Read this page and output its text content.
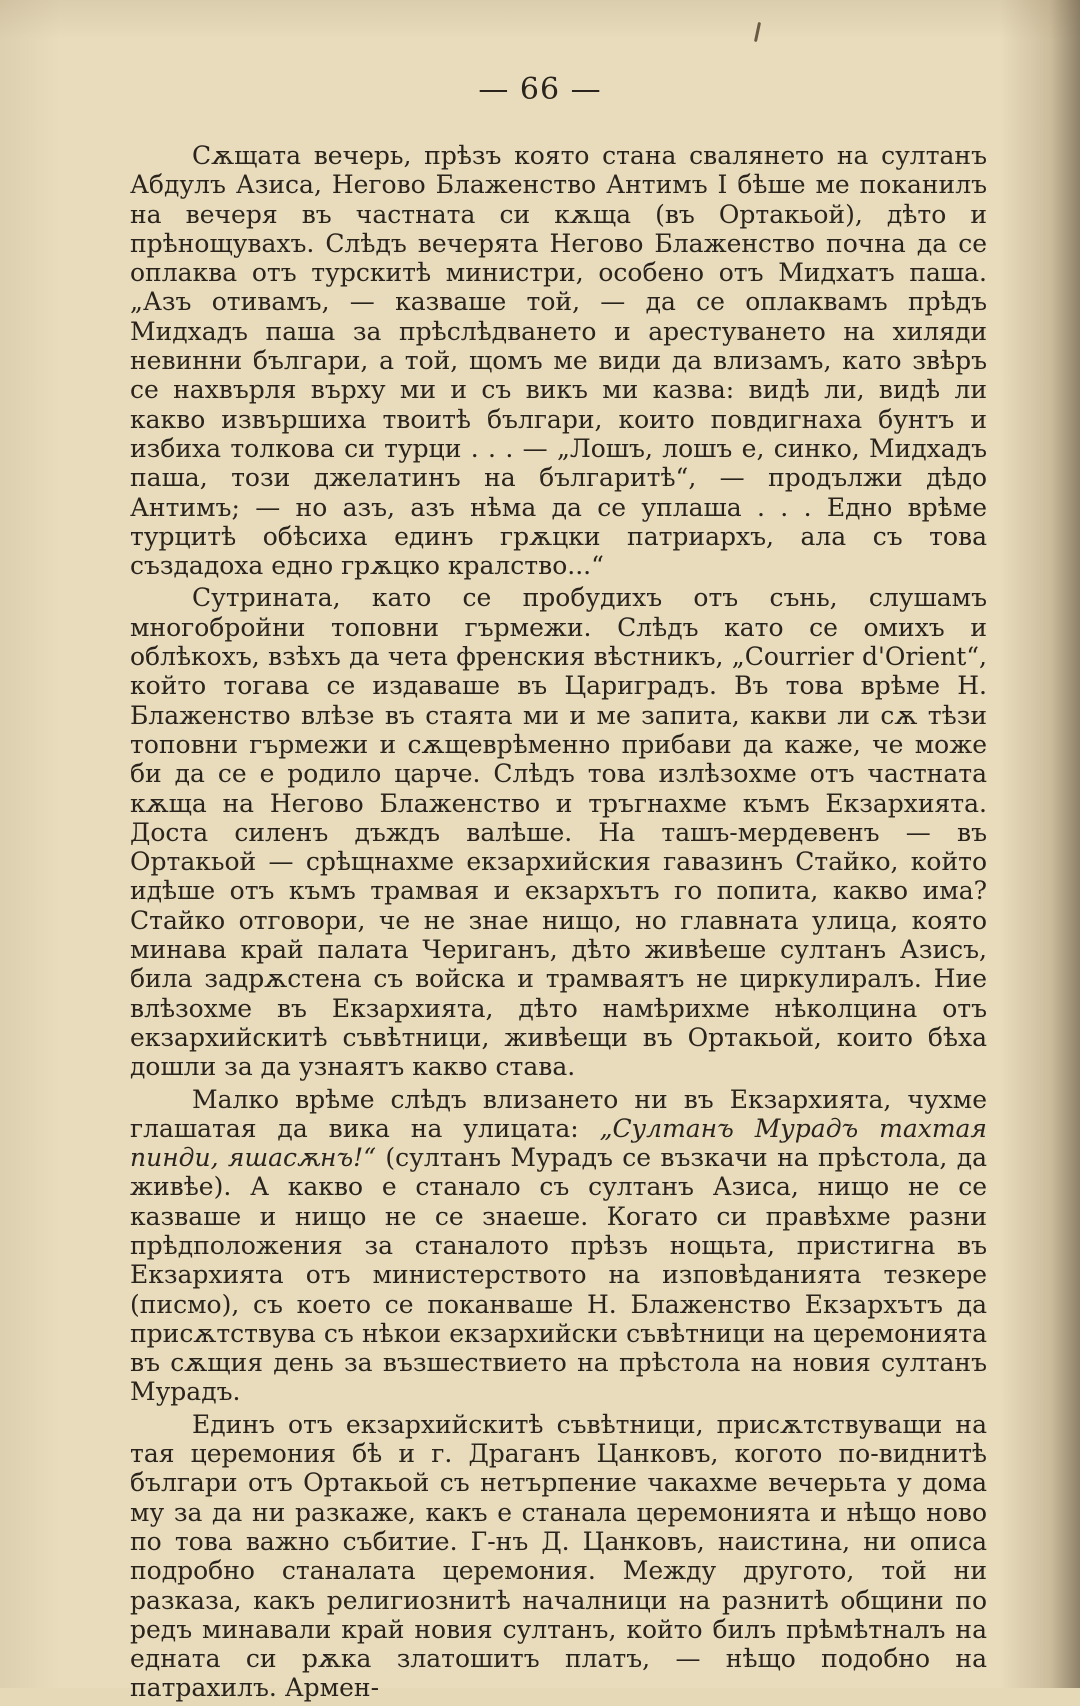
— 66 —

Сѫщата вечерь, прѣзъ която стана свалянето на султанъ Абдулъ Азиса, Негово Блаженство Антимъ I бѣше ме поканилъ на вечеря въ частната си кѫща (въ Ортакьой), дѣто и прѣнощувахъ. Слѣдъ вечерята Негово Блаженство почна да се оплаква отъ турскитѣ министри, особено отъ Мидхатъ паша. „Азъ отивамъ, — казваше той, — да се оплаквамъ прѣдъ Мидхадъ паша за прѣслѣдването и арестуването на хиляди невинни българи, а той, щомъ ме види да влизамъ, като звѣръ се нахвърля върху ми и съ викъ ми казва: видѣ ли, видѣ ли какво извършиха твоитѣ българи, които повдигнаха бунтъ и избиха толкова си турци . . . — „Лошъ, лошъ е, синко, Мидхадъ паша, този джелатинъ на българитѣ“, — продължи дѣдо Антимъ; — но азъ, азъ нѣма да се уплаша . . . Едно врѣме турцитѣ обѣсиха единъ грѫцки патриархъ, ала съ това създадоха едно грѫцко кралство...“

Сутрината, като се пробудихъ отъ сънь, слушамъ многобройни топовни гърмежи. Слѣдъ като се омихъ и облѣкохъ, взѣхъ да чета френския вѣстникъ, „Courrier d'Orient“, който тогава се издаваше въ Цариградъ. Въ това врѣме Н. Блаженство влѣзе въ стаята ми и ме запита, какви ли сѫ тѣзи топовни гърмежи и сѫщеврѣменно прибави да каже, че може би да се е родило царче. Слѣдъ това излѣзохме отъ частната кѫща на Негово Блаженство и тръгнахме къмъ Екзархията. Доста силенъ дъждъ валѣше. На ташъ-мердевенъ — въ Ортакьой — срѣщнахме екзархийския гавазинъ Стайко, който идѣше отъ къмъ трамвая и екзархътъ го попита, какво има? Стайко отговори, че не знае нищо, но главната улица, която минава край палата Чериганъ, дѣто живѣеше султанъ Азисъ, била задрѫстена съ войска и трамваятъ не циркулиралъ. Ние влѣзохме въ Екзархията, дѣто намѣрихме нѣколцина отъ екзархийскитѣ съвѣтници, живѣещи въ Ортакьой, които бѣха дошли за да узнаятъ какво става.

Малко врѣме слѣдъ влизането ни въ Екзархията, чухме глашатая да вика на улицата: „Султанъ Мурадъ тахтая пинди, яшасѫнъ!“ (султанъ Мурадъ се възкачи на прѣстола, да живѣе). А какво е станало съ султанъ Азиса, нищо не се казваше и нищо не се знаеше. Когато си правѣхме разни прѣдположения за станалото прѣзъ нощьта, пристигна въ Екзархията отъ министерството на изповѣданията тезкере (писмо), съ което се поканваше Н. Блаженство Екзархътъ да присѫтствува съ нѣкои екзархийски съвѣтници на церемонията въ сѫщия день за възшествието на прѣстола на новия султанъ Мурадъ.

Единъ отъ екзархийскитѣ съвѣтници, присѫтствуващи на тая церемония бѣ и г. Драганъ Цанковъ, когото по-виднитѣ българи отъ Ортакьой съ нетърпение чакахме вечерьта у дома му за да ни разкаже, какъ е станала церемонията и нѣщо ново по това важно събитие. Г-нъ Д. Цанковъ, наистина, ни описа подробно станалата церемония. Между другото, той ни разказа, какъ религиознитѣ началници на разнитѣ общини по редъ минавали край новия султанъ, който билъ прѣмѣтналъ на едната си рѫка златошитъ платъ, — нѣщо подобно на патрахилъ. Армен-
